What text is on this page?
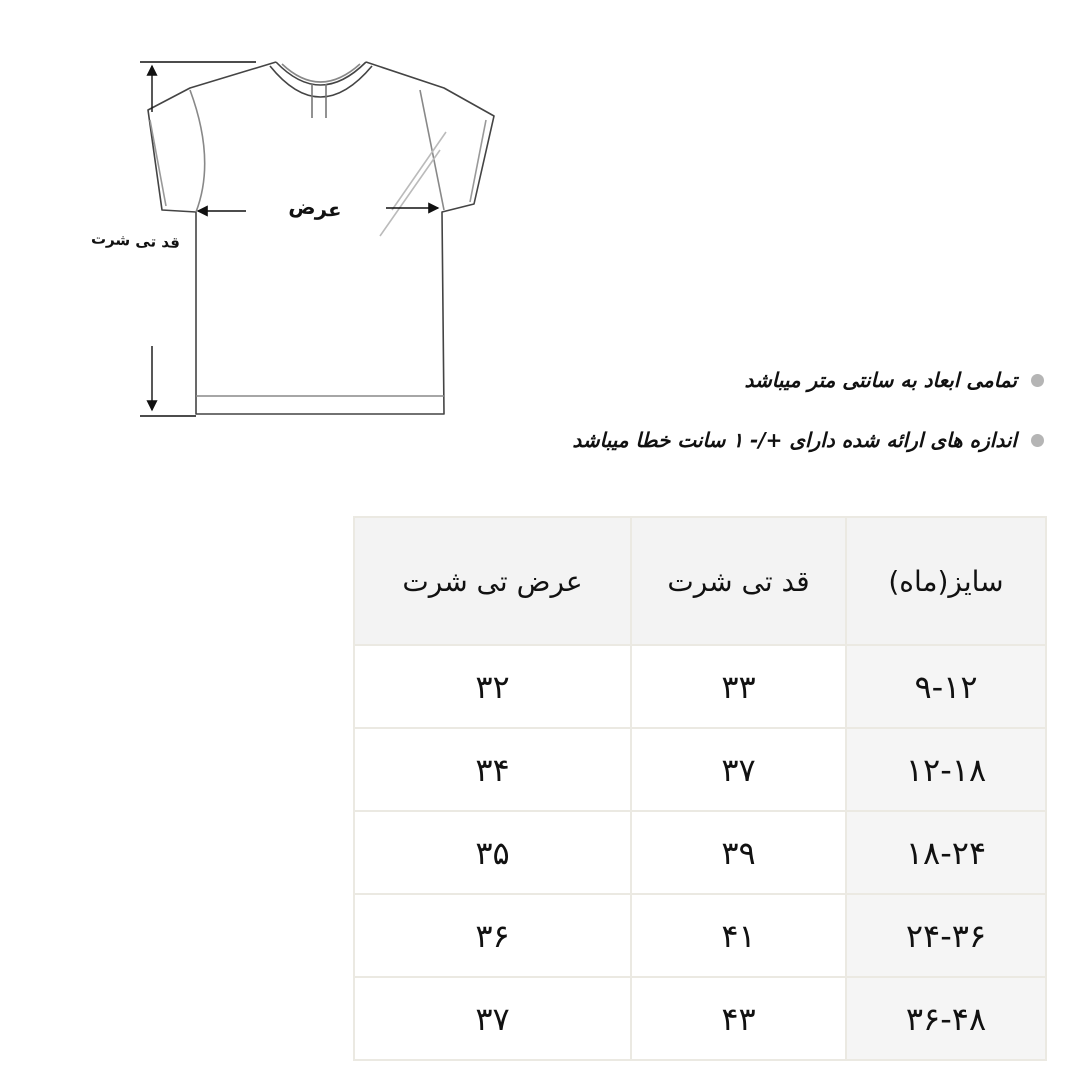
عرض
قد تی شرت
تمامی ابعاد به سانتی متر میباشد
اندازه های ارائه شده دارای +/- ۱ سانت خطا میباشد
سایز(ماه)	قد تی شرت	عرض تی شرت
۹-۱۲	۳۳	۳۲
۱۲-۱۸	۳۷	۳۴
۱۸-۲۴	۳۹	۳۵
۲۴-۳۶	۴۱	۳۶
۳۶-۴۸	۴۳	۳۷
